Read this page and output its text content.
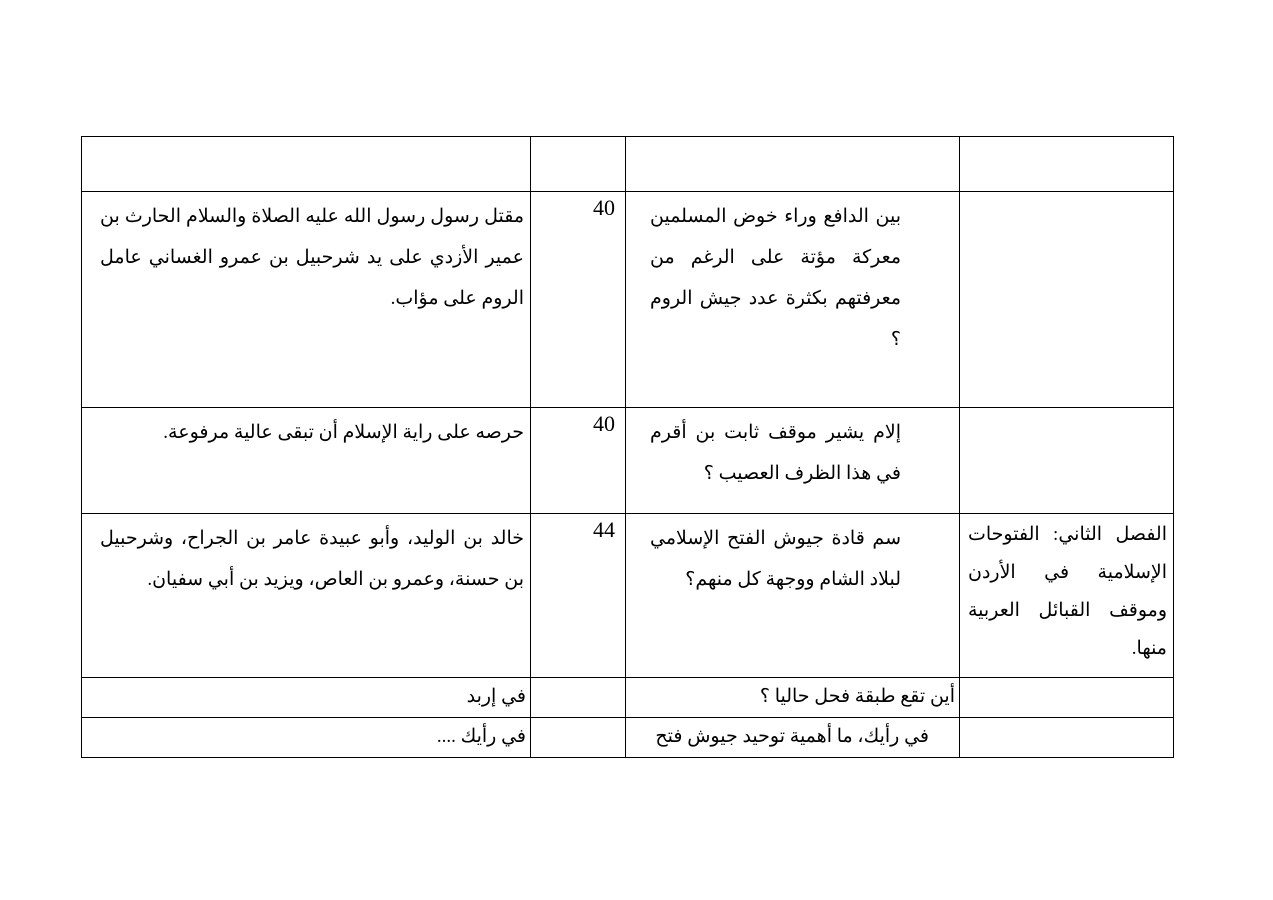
	بين الدافع وراء خوض المسلمين معركة مؤتة على الرغم من معرفتهم بكثرة عدد جيش الروم ؟	40	مقتل رسول رسول الله عليه الصلاة والسلام الحارث بن عمير الأزدي على يد شرحبيل بن عمرو الغساني عامل الروم على مؤاب.

	إلام يشير موقف ثابت بن أقرم في هذا الظرف العصيب ؟	40	حرصه على راية الإسلام أن تبقى عالية مرفوعة.

الفصل الثاني: الفتوحات الإسلامية في الأردن وموقف القبائل العربية منها.	سم قادة جيوش الفتح الإسلامي لبلاد الشام ووجهة كل منهم؟	44	خالد بن الوليد، وأبو عبيدة عامر بن الجراح، وشرحبيل بن حسنة، وعمرو بن العاص، ويزيد بن أبي سفيان.

	أين تقع طبقة فحل حاليا ؟		في إربد

	في رأيك، ما أهمية توحيد جيوش فتح		في رأيك ....
